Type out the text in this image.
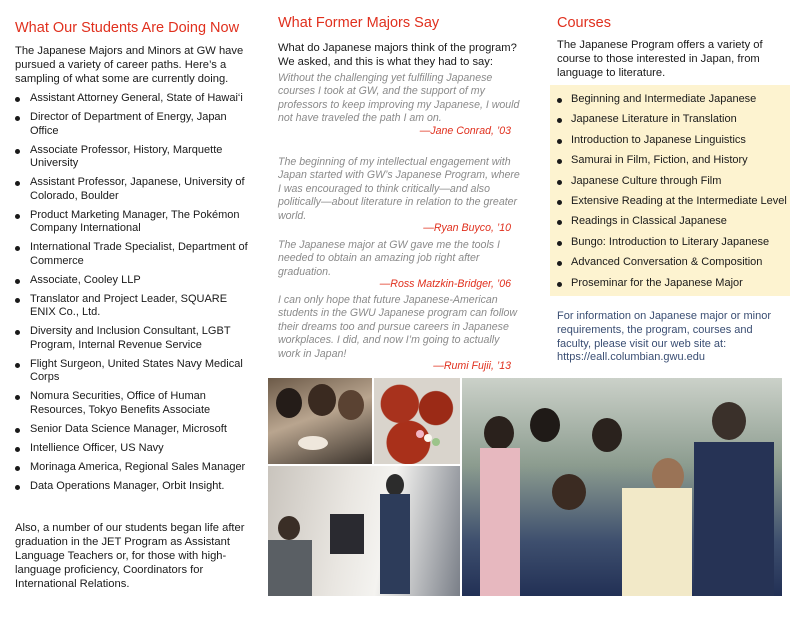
What Our Students Are Doing Now

The Japanese Majors and Minors at GW have pursued a variety of career paths. Here’s a sampling of what some are currently doing.

Assistant Attorney General, State of Hawai‘i
Director of Department of Energy, Japan Office
Associate Professor, History, Marquette University
Assistant Professor, Japanese, University of Colorado, Boulder
Product Marketing Manager, The Pokémon Company International
International Trade Specialist, Department of Commerce
Associate, Cooley LLP
Translator and Project Leader, SQUARE ENIX Co., Ltd.
Diversity and Inclusion Consultant, LGBT Program, Internal Revenue Service
Flight Surgeon, United States Navy Medical Corps
Nomura Securities, Office of Human Resources, Tokyo Benefits Associate
Senior Data Science Manager, Microsoft
Intellience Officer, US Navy
Morinaga America, Regional Sales Manager
Data Operations Manager, Orbit Insight.

Also, a number of our students began life after graduation in the JET Program as Assistant Language Teachers or, for those with high-language proficiency, Coordinators for International Relations.

What Former Majors Say

What do Japanese majors think of the program? We asked, and this is what they had to say:

Without the challenging yet fulfilling Japanese courses I took at GW, and the support of my professors to keep improving my Japanese, I would not have traveled the path I am on.
—Jane Conrad, ’03
The beginning of my intellectual engagement with Japan started with GW’s Japanese Program, where I was encouraged to think critically—and also politically—about literature in relation to the greater world.
—Ryan Buyco, ’10
The Japanese major at GW gave me the tools I needed to obtain an amazing job right after graduation.
—Ross Matzkin-Bridger, ’06
I can only hope that future Japanese-American students in the GWU Japanese program can follow their dreams too and pursue careers in Japanese workplaces. I did, and now I’m going to actually work in Japan!
—Rumi Fujii, ’13
Courses

The Japanese Program offers a variety of course to those interested in Japan, from language to literature.

Beginning and Intermediate Japanese
Japanese Literature in Translation
Introduction to Japanese Linguistics
Samurai in Film, Fiction, and History
Japanese Culture through Film
Extensive Reading at the Intermediate Level
Readings in Classical Japanese
Bungo: Introduction to Literary Japanese
Advanced Conversation & Composition
Proseminar for the Japanese Major

For information on Japanese major or minor requirements, the program, courses and faculty, please visit our web site at: https://eall.columbian.gwu.edu
